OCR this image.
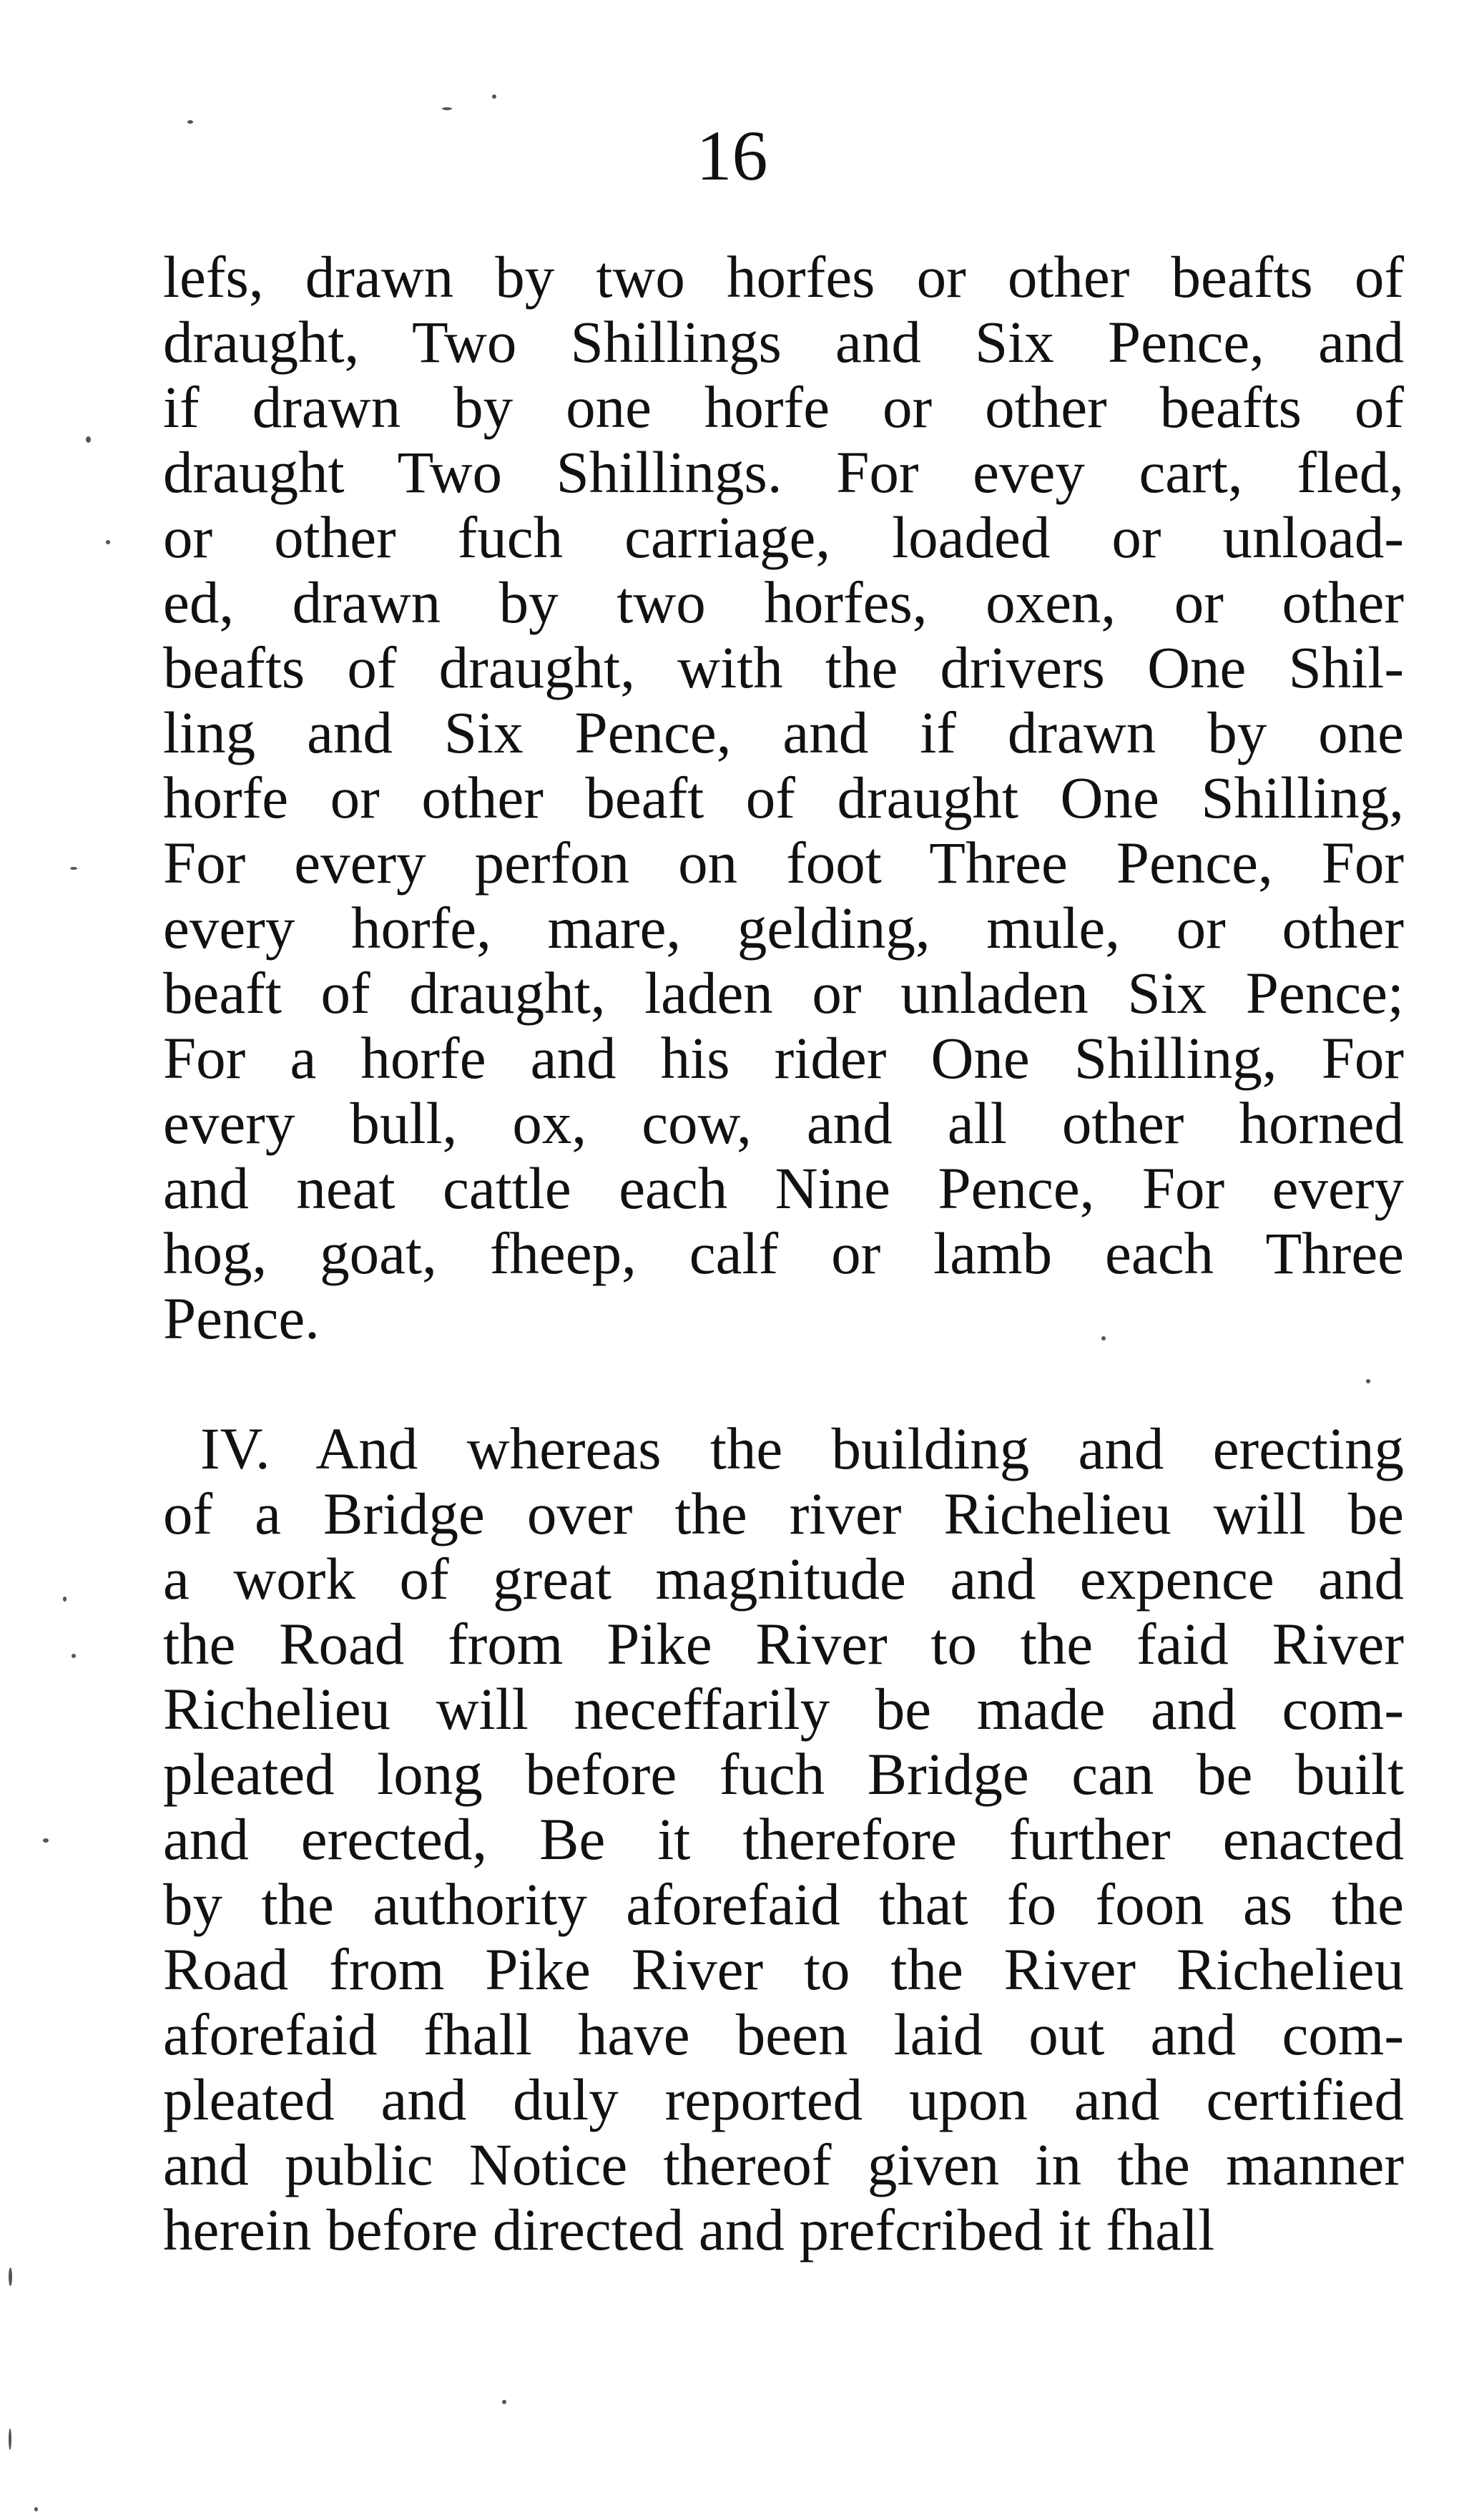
16
lefs, drawn by two horfes or other beafts of
draught, Two Shillings and Six Pence, and
if drawn by one horfe or other beafts of
draught Two Shillings. For evey cart, fled,
or other fuch carriage, loaded or unload-
ed, drawn by two horfes, oxen, or other
beafts of draught, with the drivers One Shil-
ling and Six Pence, and if drawn by one
horfe or other beaft of draught One Shilling,
For every perfon on foot Three Pence, For
every horfe, mare, gelding, mule, or other
beaft of draught, laden or unladen Six Pence;
For a horfe and his rider One Shilling, For
every bull, ox, cow, and all other horned
and neat cattle each Nine Pence, For every
hog, goat, fheep, calf or lamb each Three
Pence.
IV. And whereas the building and erecting
of a Bridge over the river Richelieu will be
a work of great magnitude and expence and
the Road from Pike River to the faid River
Richelieu will neceffarily be made and com-
pleated long before fuch Bridge can be built
and erected, Be it therefore further enacted
by the authority aforefaid that fo foon as the
Road from Pike River to the River Richelieu
aforefaid fhall have been laid out and com-
pleated and duly reported upon and certified
and public Notice thereof given in the manner
herein before directed and prefcribed it fhall
